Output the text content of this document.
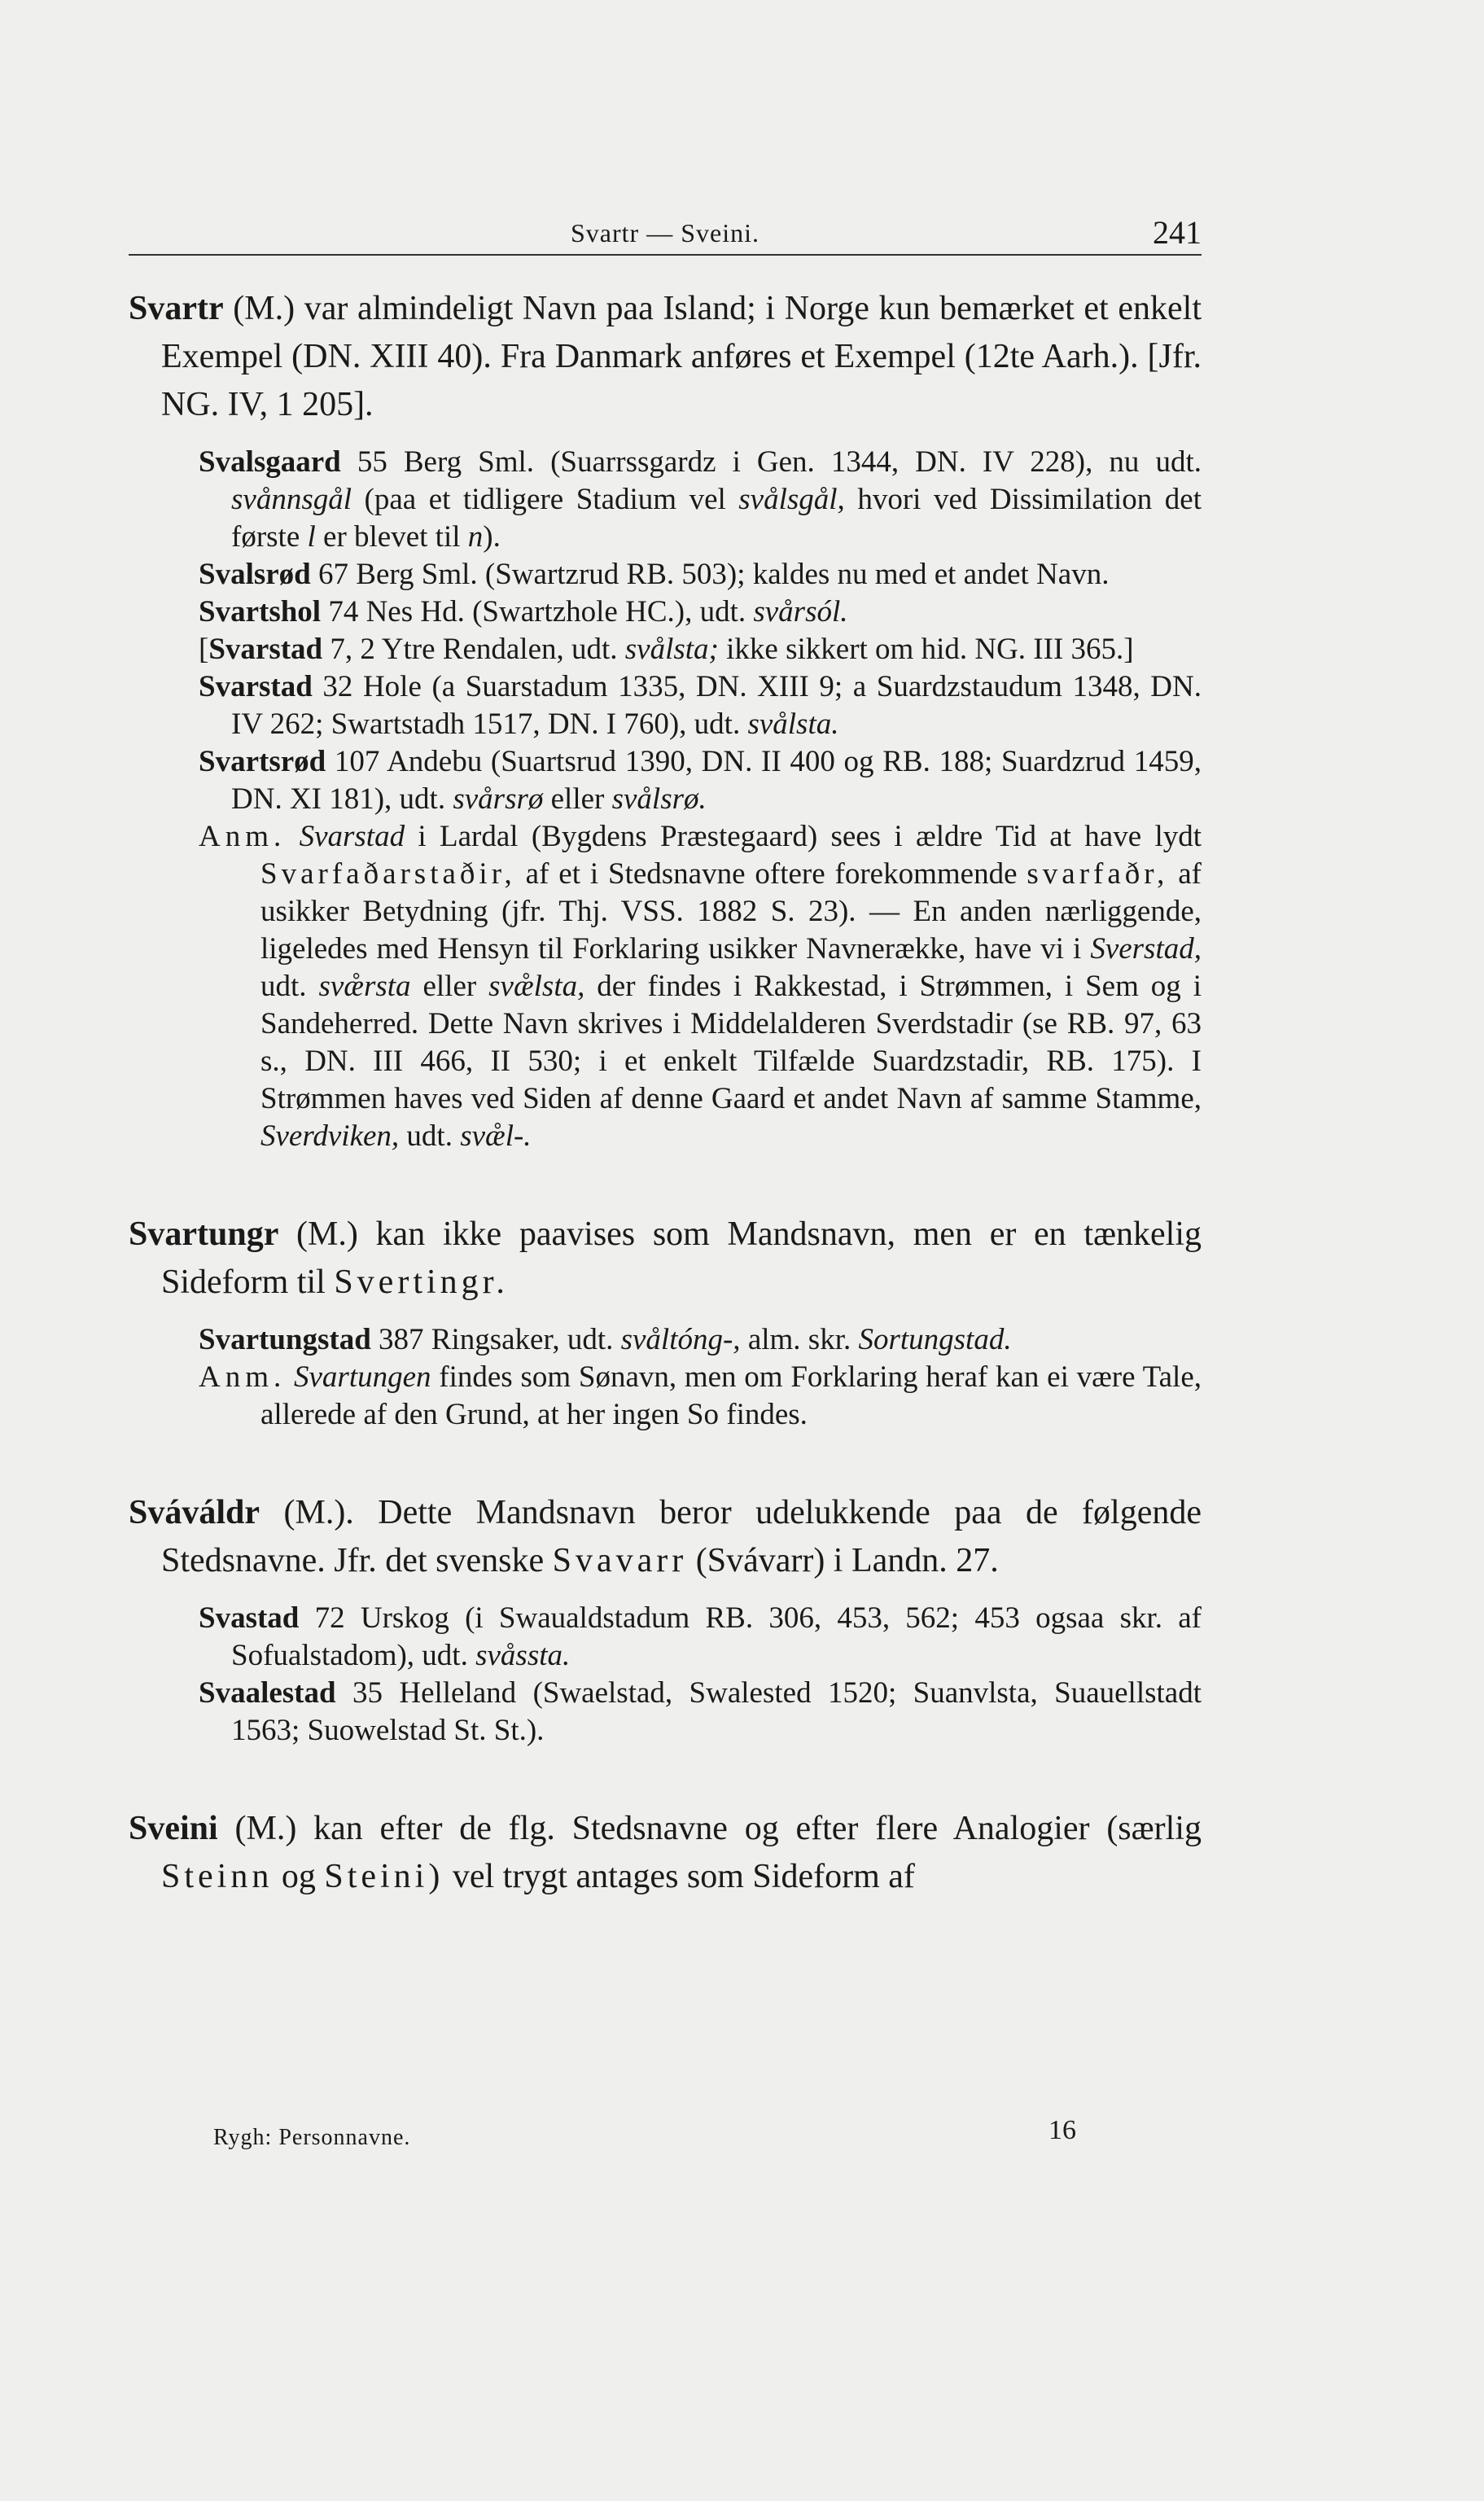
Svartr — Sveini.	241

Svartr (M.) var almindeligt Navn paa Island; i Norge kun bemærket et enkelt Exempel (DN. XIII 40). Fra Danmark anføres et Exempel (12te Aarh.). [Jfr. NG. IV, 1 205].

Svalsgaard 55 Berg Sml. (Suarrssgardz i Gen. 1344, DN. IV 228), nu udt. svånnsgål (paa et tidligere Stadium vel svålsgål, hvori ved Dissimilation det første l er blevet til n).

Svalsrød 67 Berg Sml. (Swartzrud RB. 503); kaldes nu med et andet Navn.

Svartshol 74 Nes Hd. (Swartzhole HC.), udt. svårsól.

[Svarstad 7, 2 Ytre Rendalen, udt. svålsta; ikke sikkert om hid. NG. III 365.]

Svarstad 32 Hole (a Suarstadum 1335, DN. XIII 9; a Suardzstaudum 1348, DN. IV 262; Swartstadh 1517, DN. I 760), udt. svålsta.

Svartsrød 107 Andebu (Suartsrud 1390, DN. II 400 og RB. 188; Suardzrud 1459, DN. XI 181), udt. svårsrø eller svålsrø.

Anm. Svarstad i Lardal (Bygdens Præstegaard) sees i ældre Tid at have lydt Svarfaðarstaðir, af et i Stedsnavne oftere forekommende svarfaðr, af usikker Betydning (jfr. Thj. VSS. 1882 S. 23). — En anden nærliggende, ligeledes med Hensyn til Forklaring usikker Navnerække, have vi i Sverstad, udt. svæ̊rsta eller svæ̊lsta, der findes i Rakkestad, i Strømmen, i Sem og i Sandeherred. Dette Navn skrives i Middelalderen Sverdstadir (se RB. 97, 63 s., DN. III 466, II 530; i et enkelt Tilfælde Suardzstadir, RB. 175). I Strømmen haves ved Siden af denne Gaard et andet Navn af samme Stamme, Sverdviken, udt. svæ̊l-.

Svartungr (M.) kan ikke paavises som Mandsnavn, men er en tænkelig Sideform til Svertingr.

Svartungstad 387 Ringsaker, udt. svåltóng-, alm. skr. Sortungstad.

Anm. Svartungen findes som Sønavn, men om Forklaring heraf kan ei være Tale, allerede af den Grund, at her ingen So findes.

Sváváldr (M.). Dette Mandsnavn beror udelukkende paa de følgende Stedsnavne. Jfr. det svenske Svavarr (Svávarr) i Landn. 27.

Svastad 72 Urskog (i Swaualdstadum RB. 306, 453, 562; 453 ogsaa skr. af Sofualstadom), udt. svåssta.

Svaalestad 35 Helleland (Swaelstad, Swalested 1520; Suanvlsta, Suauellstadt 1563; Suowelstad St. St.).

Sveini (M.) kan efter de flg. Stedsnavne og efter flere Analogier (særlig Steinn og Steini) vel trygt antages som Sideform af

Rygh: Personnavne.	16
